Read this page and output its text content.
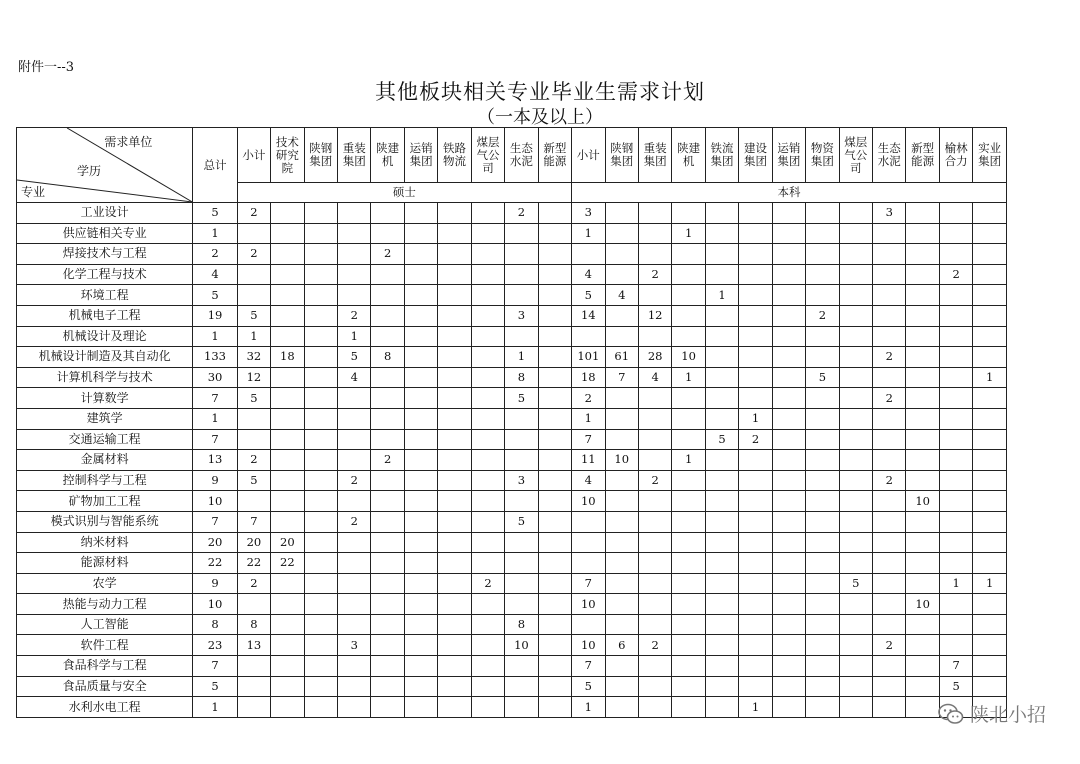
附件一--3
其他板块相关专业毕业生需求计划
（一本及以上）
需求单位
学历
专业	总计	小计	技术研究院	陕钢集团	重装集团	陕建机	运销集团	铁路物流	煤层气公司	生态水泥	新型能源	小计	陕钢集团	重装集团	陕建机	铁流集团	建设集团	运销集团	物资集团	煤层气公司	生态水泥	新型能源	榆林合力	实业集团
		硕士										本科												
工业设计	5	2								2		3									3			
供应链相关专业	1											1			1									
焊接技术与工程	2	2				2																		
化学工程与技术	4											4		2									2	
环境工程	5											5	4			1								
机械电子工程	19	5			2					3		14		12					2					
机械设计及理论	1	1			1																			
机械设计制造及其自动化	133	32	18		5	8				1		101	61	28	10						2			
计算机科学与技术	30	12			4					8		18	7	4	1				5					1
计算数学	7	5								5		2									2			
建筑学	1											1					1							
交通运输工程	7											7				5	2							
金属材料	13	2				2						11	10		1									
控制科学与工程	9	5			2					3		4		2							2			
矿物加工工程	10											10										10		
模式识别与智能系统	7	7			2					5														
纳米材料	20	20	20																					
能源材料	22	22	22																					
农学	9	2							2			7								5			1	1
热能与动力工程	10											10										10		
人工智能	8	8								8														
软件工程	23	13			3					10		10	6	2							2			
食品科学与工程	7											7											7	
食品质量与安全	5											5											5	
水利水电工程	1											1					1								陕北小招
